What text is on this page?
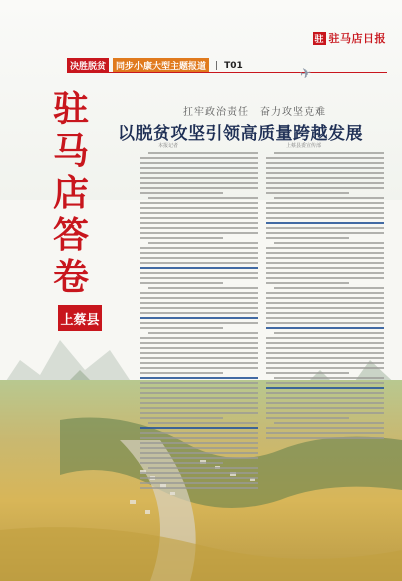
驻 驻马店日报
决胜脱贫	同步小康大型主题报道	| T01	✈
驻
马
店
答
卷
上蔡县
扛牢政治责任　奋力攻坚克难
以脱贫攻坚引领高质量跨越发展
本报记者	上蔡县委宣传部
